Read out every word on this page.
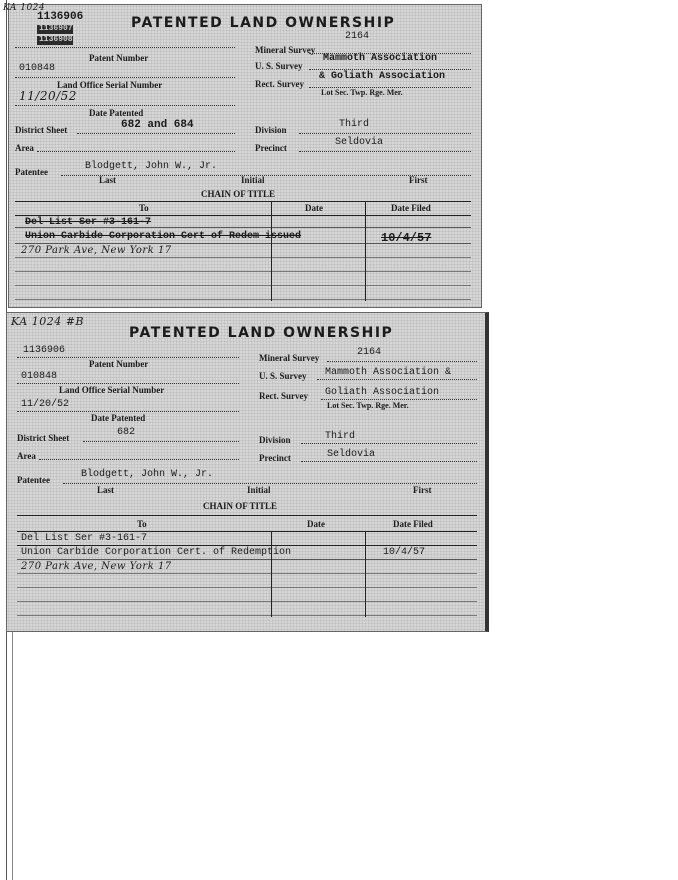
KA 1024
1136906
1136907
1136908
PATENTED LAND OWNERSHIP
Patent Number
010848
Land Office Serial Number
11/20/52
Date Patented
District Sheet	682 and 684
Area
Mineral Survey
2164
U. S. Survey
Mammoth Association
Rect. Survey
& Goliath Association
Lot Sec. Twp. Rge. Mer.
Division	Third
Precinct	Seldovia
Patentee	Blodgett, John W., Jr.
Last	Initial	First
CHAIN OF TITLE
To	Date	Date Filed
Del List Ser #3-161-7
Union Carbide Corporation Cert of Redem issued	10/4/57
270 Park Ave, New York 17
KA 1024 #B
PATENTED LAND OWNERSHIP
1136906
Patent Number
010848
Land Office Serial Number
11/20/52
Date Patented
District Sheet	682
Area
Mineral Survey	2164
U. S. Survey Mammoth Association &
Rect. Survey Goliath Association
Lot Sec. Twp. Rge. Mer.
Division	Third
Precinct	Seldovia
Patentee	Blodgett, John W., Jr.
Last	Initial	First
CHAIN OF TITLE
To	Date	Date Filed
Del List Ser #3-161-7
Union Carbide Corporation Cert. of Redemption	10/4/57
270 Park Ave, New York 17
